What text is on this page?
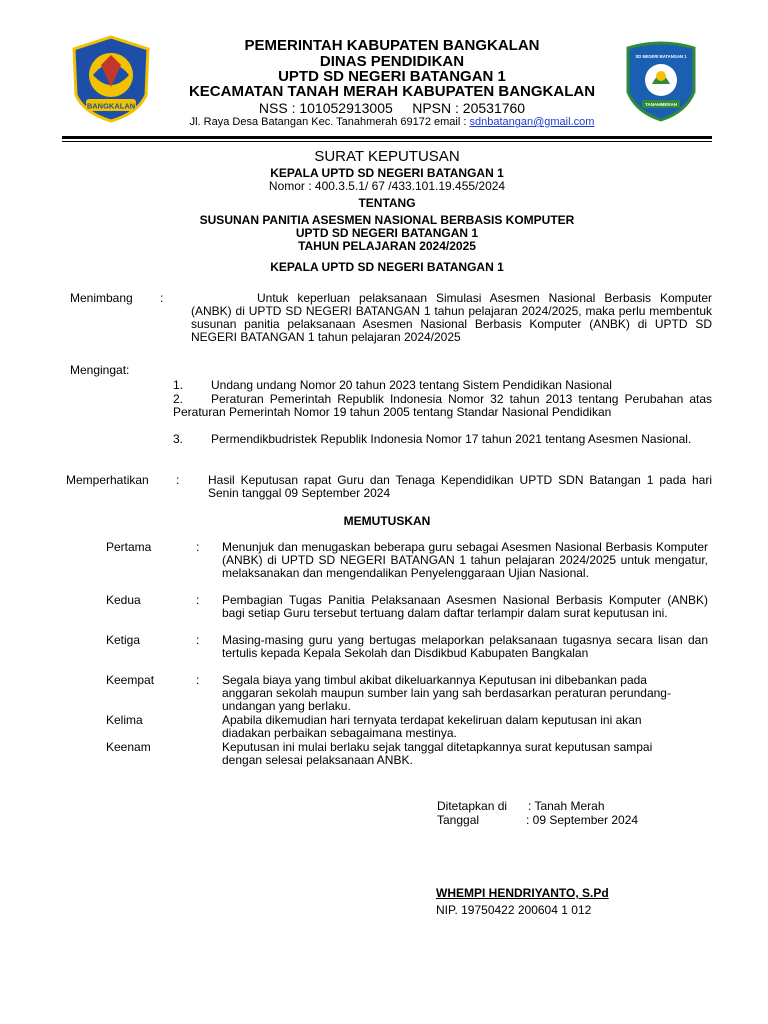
BANGKALAN
SD NEGERI BATANGAN 1
TANAHMERAH
PEMERINTAH KABUPATEN BANGKALAN
DINAS PENDIDIKAN
UPTD SD NEGERI BATANGAN 1
KECAMATAN TANAH MERAH KABUPATEN BANGKALAN
NSS : 101052913005 NPSN : 20531760
Jl. Raya Desa Batangan Kec. Tanahmerah 69172 email : sdnbatangan@gmail.com
SURAT KEPUTUSAN
KEPALA UPTD SD NEGERI BATANGAN 1
Nomor : 400.3.5.1/ 67 /433.101.19.455/2024
TENTANG
SUSUNAN PANITIA ASESMEN NASIONAL BERBASIS KOMPUTER
UPTD SD NEGERI BATANGAN 1
TAHUN PELAJARAN 2024/2025
KEPALA UPTD SD NEGERI BATANGAN 1
Menimbang :	Untuk keperluan pelaksanaan Simulasi Asesmen Nasional Berbasis Komputer (ANBK) di UPTD SD NEGERI BATANGAN 1 tahun pelajaran 2024/2025, maka perlu membentuk susunan panitia pelaksanaan Asesmen Nasional Berbasis Komputer (ANBK) di UPTD SD NEGERI BATANGAN 1 tahun pelajaran 2024/2025
Mengingat:
1. Undang undang Nomor 20 tahun 2023 tentang Sistem Pendidikan Nasional
2. Peraturan Pemerintah Republik Indonesia Nomor 32 tahun 2013 tentang Perubahan atas Peraturan Pemerintah Nomor 19 tahun 2005 tentang Standar Nasional Pendidikan
3. Permendikbudristek Republik Indonesia Nomor 17 tahun 2021 tentang Asesmen Nasional.
Memperhatikan : Hasil Keputusan rapat Guru dan Tenaga Kependidikan UPTD SDN Batangan 1 pada hari Senin tanggal 09 September 2024
MEMUTUSKAN
Pertama	: Menunjuk dan menugaskan beberapa guru sebagai Asesmen Nasional Berbasis Komputer (ANBK) di UPTD SD NEGERI BATANGAN 1 tahun pelajaran 2024/2025 untuk mengatur, melaksanakan dan mengendalikan Penyelenggaraan Ujian Nasional.
Kedua	: Pembagian Tugas Panitia Pelaksanaan Asesmen Nasional Berbasis Komputer (ANBK) bagi setiap Guru tersebut tertuang dalam daftar terlampir dalam surat keputusan ini.
Ketiga	: Masing-masing guru yang bertugas melaporkan pelaksanaan tugasnya secara lisan dan tertulis kepada Kepala Sekolah dan Disdikbud Kabupaten Bangkalan
Keempat	: Segala biaya yang timbul akibat dikeluarkannya Keputusan ini dibebankan pada anggaran sekolah maupun sumber lain yang sah berdasarkan peraturan perundang-undangan yang berlaku.
Kelima	Apabila dikemudian hari ternyata terdapat kekeliruan dalam keputusan ini akan diadakan perbaikan sebagaimana mestinya.
Keenam	Keputusan ini mulai berlaku sejak tanggal ditetapkannya surat keputusan sampai dengan selesai pelaksanaan ANBK.
Ditetapkan di : Tanah Merah
Tanggal	: 09 September 2024
WHEMPI HENDRIYANTO, S.Pd
NIP. 19750422 200604 1 012
